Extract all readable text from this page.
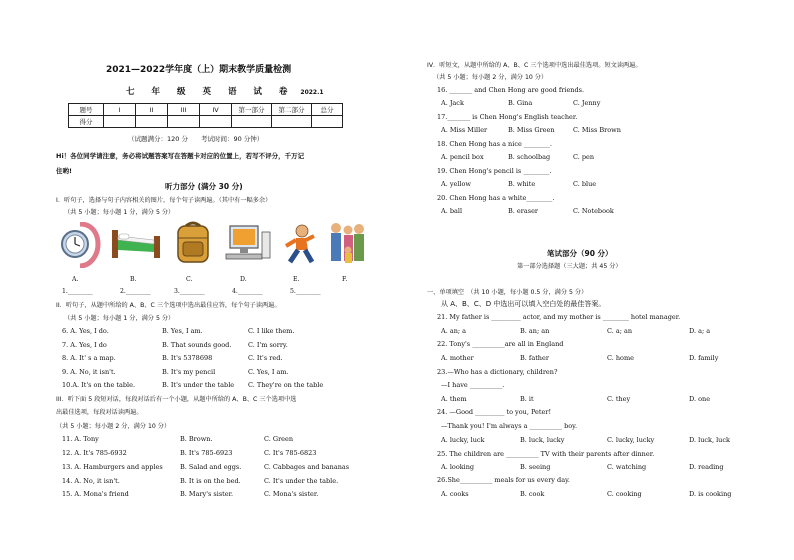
2021—2022学年度（上）期末教学质量检测
七 年 级 英 语 试 卷 2022.1
题号	I	II	III	IV	第一部分	第二部分	总分
得分							
（试题满分：120 分　　考试时间：90 分钟）
Hi！各位同学请注意，务必将试题答案写在答题卡对应的位置上，若写不评分，千万记
住哟!
听力部分 (满分 30 分)
I．听句子，选择与句子内容相关的图片，每个句子读两遍。（其中有一幅多余）
（共 5 小题；每小题 1 分，满分 5 分）
A.	B.	C.	D.	E.	F.
1.________	2.________	3.________	4.________	5.________
II．听句子，从题中所给的 A、B、C 三个选项中选出最佳应答，每个句子读两遍。
（共 5 小题；每小题 1 分，满分 5 分）
6. A. Yes, I do.	B. Yes, I am.	C. I like them.
7. A. Yes, I do	B. That sounds good.	C. I'm sorry.
8. A. It' s a map.	B. It's 5378698	C. It's red.
9. A. No, it isn't.	B. It's my pencil	C. Yes, I am.
10.A. It's on the table.	B. It's under the table C. They're on the table
III．听下面 5 段短对话，每段对话后有一个小题，从题中所给的 A、B、C 三个选项中选
出最佳选项，每段对话读两遍。
（共 5 小题；每小题 2 分，满分 10 分）
11. A. Tony	B. Brown.	C. Green
12. A. It's 785-6932	B. It's 785-6923	C. It's 785-6823
13. A. Hamburgers and apples	B. Salad and eggs.	C. Cabbages and bananas
14. A. No, it isn't.	B. It is on the bed.	C. It's under the table.
15. A. Mona's friend	B. Mary's sister.	C. Mona's sister.
IV．听短文，从题中所给的 A、B、C 三个选项中选出最佳选项。短文读两遍。
（共 5 小题；每小题 2 分，满分 10 分）
16. _______ and Chen Hong are good friends.
A. Jack	B. Gina	C. Jenny
17._______ is Chen Hong's English teacher.
A. Miss Miller	B. Miss Green	C. Miss Brown
18. Chen Hong has a nice ________.
A. pencil box	B. schoolbag	C. pen
19. Chen Hong's pencil is ________.
A. yellow	B. white	C. blue
20. Chen Hong has a white________.
A. ball	B. eraser	C. Notebook
笔试部分（90 分）
第一部分选择题（三大题；共 45 分）
一、单项填空　（共 10 小题，每小题 0.5 分，满分 5 分）
从 A、B、C、D 中选出可以填入空白处的最佳答案。
21. My father is _________ actor, and my mother is ________ hotel manager.
A. an; a	B. an; an	C. a; an	D. a; a
22. Tony's __________are all in England
A. mother	B. father	C. home	D. family
23.—Who has a dictionary, children?
—I have __________.
A. them	B. it	C. they	D. one
24. —Good _________ to you, Peter!
—Thank you! I'm always a __________ boy.
A. lucky, luck	B. luck, lucky	C. lucky, lucky	D. luck, luck
25. The children are __________ TV with their parents after dinner.
A. looking	B. seeing	C. watching	D. reading
26.She__________ meals for us every day.
A. cooks	B. cook	C. cooking	D. is cooking
